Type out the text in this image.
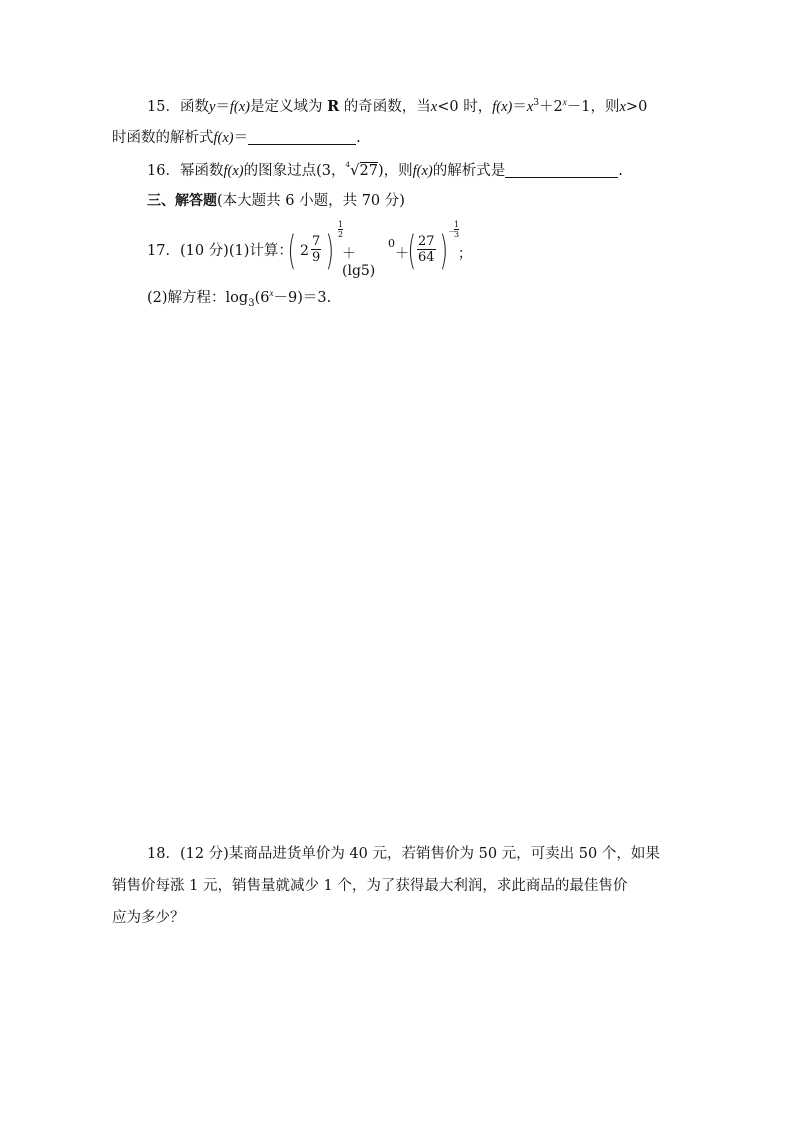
15．函数y＝f(x)是定义域为 R 的奇函数，当x<0 时，$f(x)=x^3+2^x-1$，则x>0
时函数的解析式f(x)＝	.
16．幂函数f(x)的图象过点(3，$^4$√27)，则f(x)的解析式是	.
三、解答题(本大题共 6 小题，共 70 分)
17．(10 分)(1)计算：
( $2 \frac{7}{9}$ ) $\frac{1}{2}$
＋(lg5)
0
＋
( $\frac{27}{64}$ ) －
$\frac{1}{3}$
；
(2)解方程：$\log_3(6^x-9)=3$.
18．(12 分)某商品进货单价为 40 元，若销售价为 50 元，可卖出 50 个，如果
销售价每涨 1 元，销售量就减少 1 个，为了获得最大利润，求此商品的最佳售价
应为多少？
